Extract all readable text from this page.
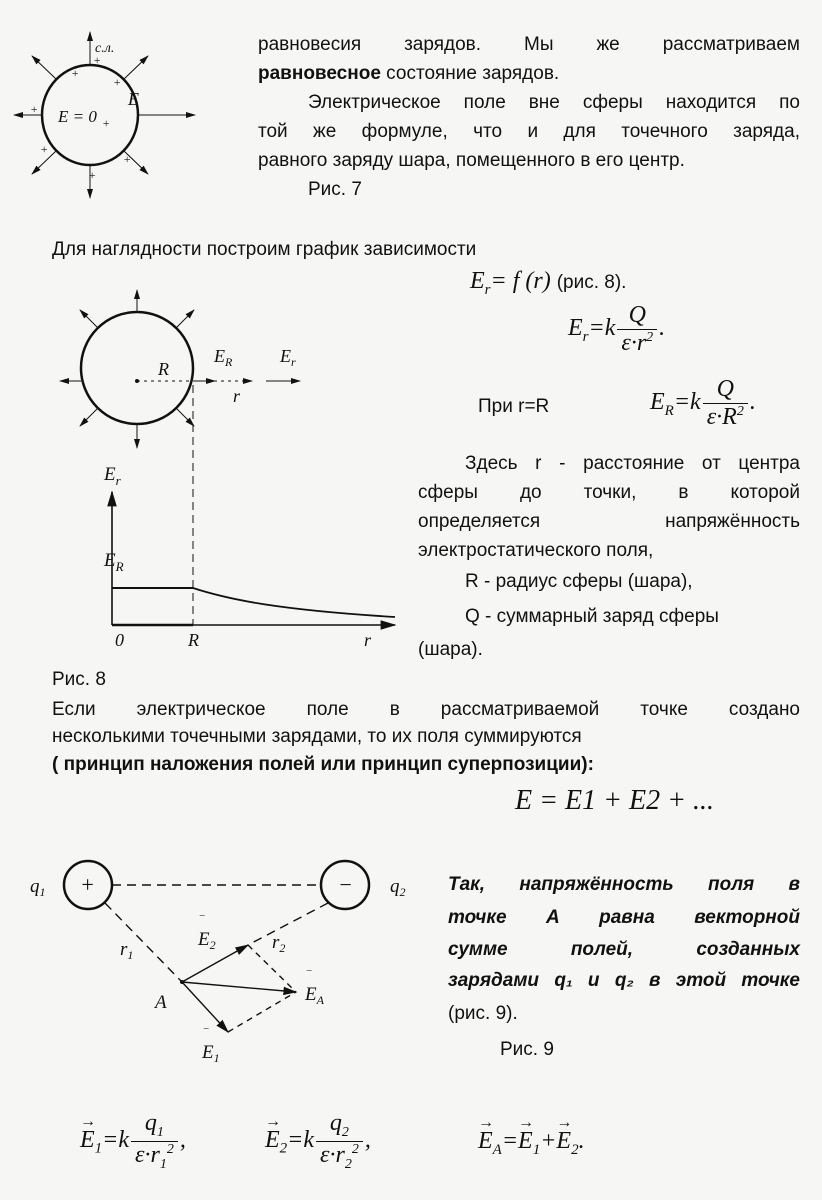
с.л.
E = 0
E
+
+
+
+
+
+
+
+
R
$E_R$	$E_r$
r
$E_r$
$E_R$
0	R	r
+	−
$q_1$	$q_2$
$r_1$
$r_2$
$E_2$
$E_A$
$E_1$
A
‾
‾
‾
равновесия зарядов. Мы же рассматриваем
равновесное состояние зарядов.
Электрическое поле вне сферы находится по
той же формуле, что и для точечного заряда,
равного заряду шара, помещенного в его центр.
Рис. 7
Для наглядности построим график зависимости
$E_r= f$ (r) (рис. 8).
$E_r=k \frac{Q}{\varepsilon\cdot r^2}$ .
При r=R	$E_R=k \frac{Q}{\varepsilon\cdot R^2}$ .
Здесь r - расстояние от центра
сферы до точки, в которой
определяется напряжённость
электростатического поля,
R - радиус сферы (шара),
Q - суммарный заряд сферы
(шара).
Рис. 8
Если электрическое поле в рассматриваемой точке создано
несколькими точечными зарядами, то их поля суммируются
( принцип наложения полей или принцип суперпозиции):
E = E1 + E2 + ...
Так, напряжённость поля в
точке А равна векторной
сумме полей, созданных
зарядами q₁ и q₂ в этой точке
(рис. 9).
Рис. 9
→ $E_1=k \frac{q_1}{\varepsilon\cdot r_1^2}$ ,	→ $E_2=k \frac{q_2}{\varepsilon\cdot r_2^2}$ ,	→ $E_A=\to E_1+\to E_2$.
